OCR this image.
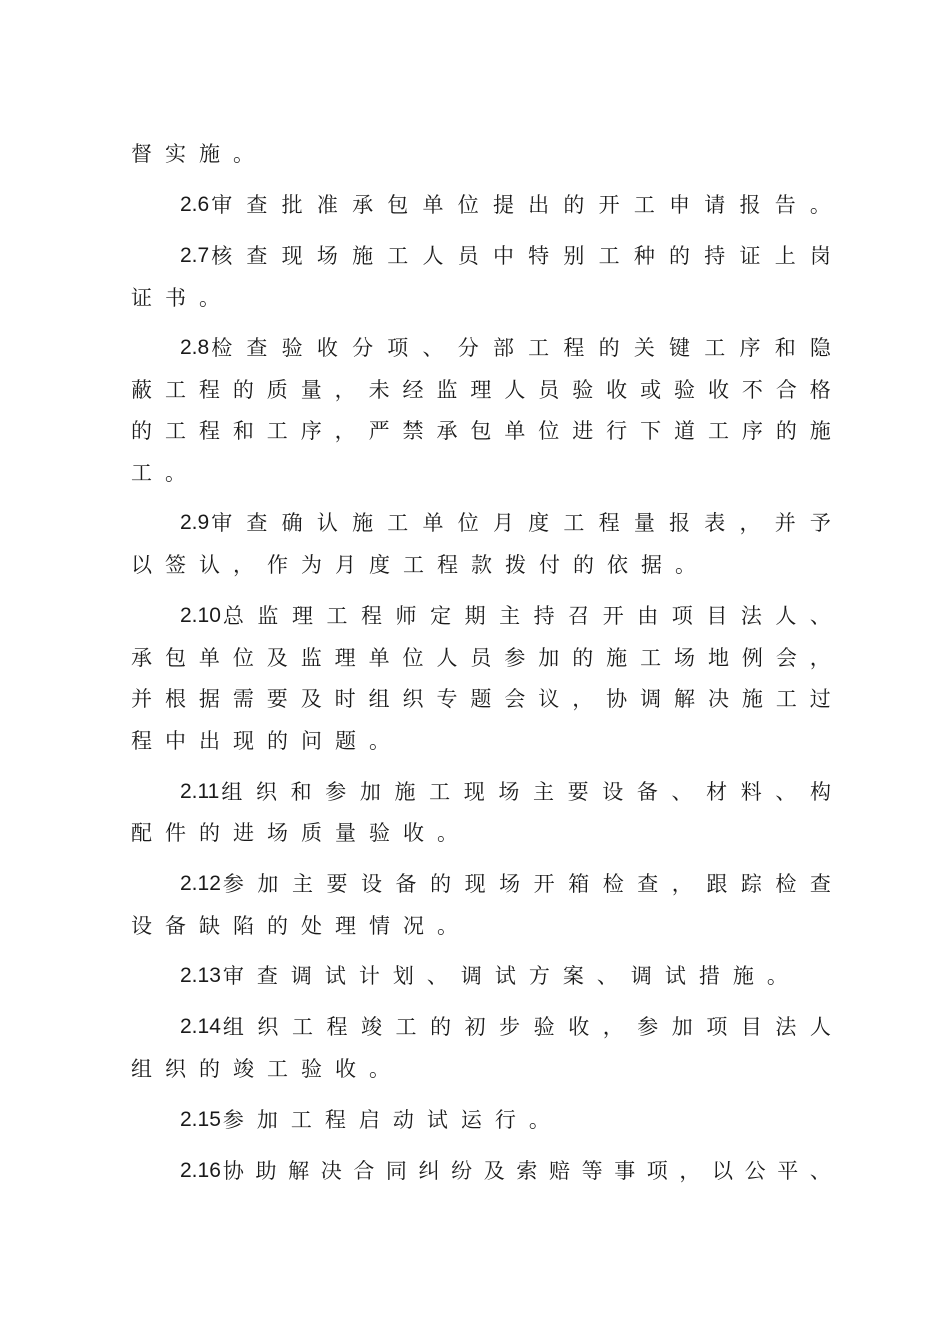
督实施。
2.6 审 查 批 准 承 包 单 位 提 出 的 开 工 申 请 报 告 。
2.7 核 查 现 场 施 工 人 员 中 特 别 工 种 的 持 证 上 岗
证书。
2.8 检 查 验 收 分 项 、 分 部 工 程 的 关 键 工 序 和 隐
蔽 工 程 的 质 量 ， 未 经 监 理 人 员 验 收 或 验 收 不 合 格
的 工 程 和 工 序 ， 严 禁 承 包 单 位 进 行 下 道 工 序 的 施
工。
2.9 审 查 确 认 施 工 单 位 月 度 工 程 量 报 表 ， 并 予
以签认，作为月度工程款拨付的依据。
2.10 总 监 理 工 程 师 定 期 主 持 召 开 由 项 目 法 人 、
承 包 单 位 及 监 理 单 位 人 员 参 加 的 施 工 场 地 例 会 ，
并 根 据 需 要 及 时 组 织 专 题 会 议 ， 协 调 解 决 施 工 过
程中出现的问题。
2.11 组 织 和 参 加 施 工 现 场 主 要 设 备 、 材 料 、 构
配件的进场质量验收。
2.12 参 加 主 要 设 备 的 现 场 开 箱 检 查 ， 跟 踪 检 查
设备缺陷的处理情况。
2.13 审查调试计划、调试方案、调试措施。
2.14 组 织 工 程 竣 工 的 初 步 验 收 ， 参 加 项 目 法 人
组织的竣工验收。
2.15 参加工程启动试运行。
2.16 协 助 解 决 合 同 纠 纷 及 索 赔 等 事 项 ， 以 公 平 、
